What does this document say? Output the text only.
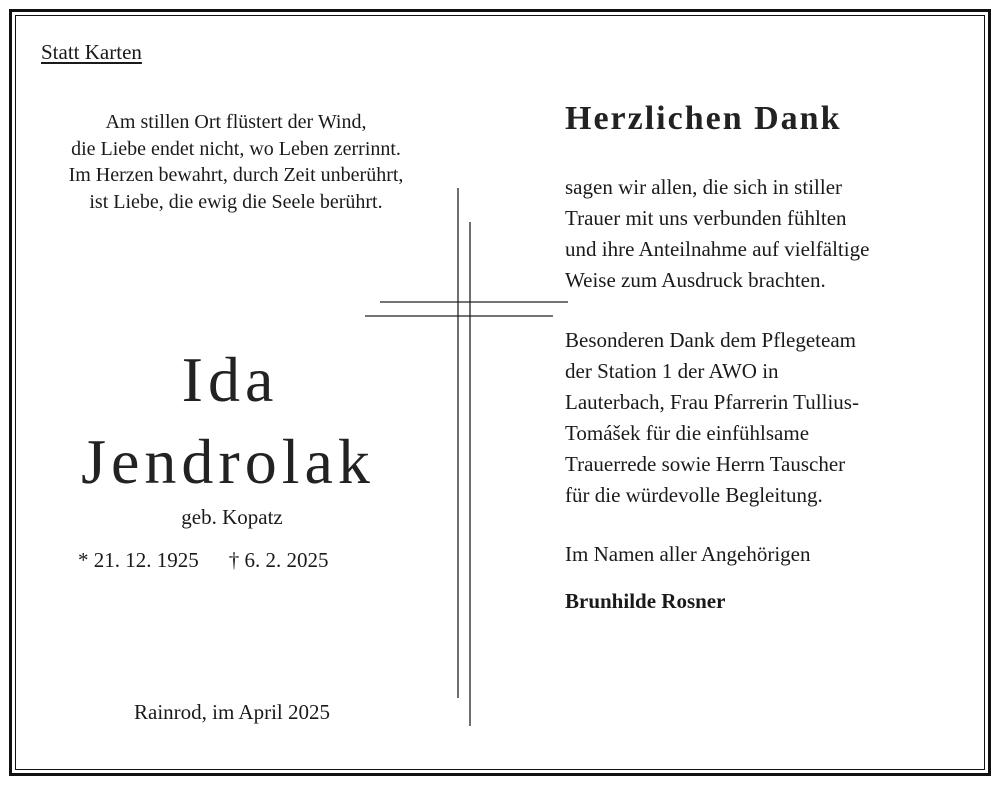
Statt Karten
Am stillen Ort flüstert der Wind,
die Liebe endet nicht, wo Leben zerrinnt.
Im Herzen bewahrt, durch Zeit unberührt,
ist Liebe, die ewig die Seele berührt.
Ida
Jendrolak
geb. Kopatz
* 21. 12. 1925 † 6. 2. 2025
Rainrod, im April 2025
Herzlichen Dank
sagen wir allen, die sich in stiller
Trauer mit uns verbunden fühlten
und ihre Anteilnahme auf vielfältige
Weise zum Ausdruck brachten.
Besonderen Dank dem Pflegeteam
der Station 1 der AWO in
Lauterbach, Frau Pfarrerin Tullius-
Tomášek für die einfühlsame
Trauerrede sowie Herrn Tauscher
für die würdevolle Begleitung.
Im Namen aller Angehörigen
Brunhilde Rosner
